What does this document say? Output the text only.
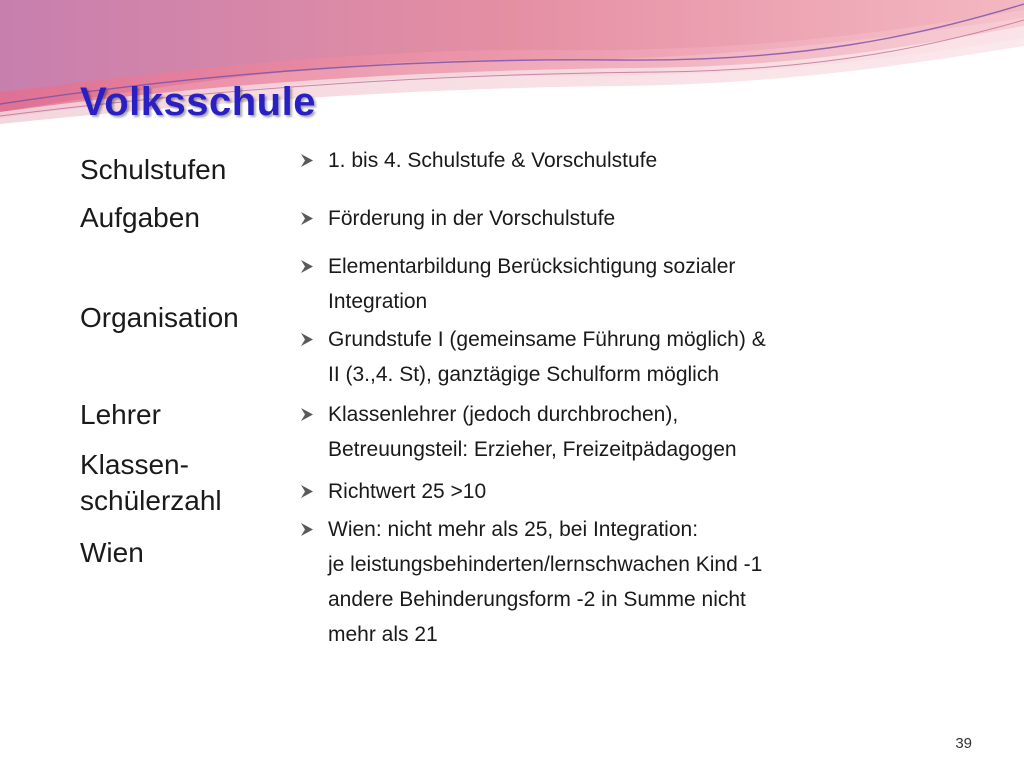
Volksschule
Schulstufen
Aufgaben
Organisation
Lehrer
Klassen-
schülerzahl
Wien
1. bis 4. Schulstufe & Vorschulstufe
Förderung in der Vorschulstufe
Elementarbildung Berücksichtigung sozialer
Integration
Grundstufe I (gemeinsame Führung möglich) &
II (3.,4. St), ganztägige Schulform möglich
Klassenlehrer (jedoch durchbrochen),
Betreuungsteil: Erzieher, Freizeitpädagogen
Richtwert 25 >10
Wien: nicht mehr als 25, bei Integration:
je leistungsbehinderten/lernschwachen Kind -1
andere Behinderungsform -2 in Summe nicht
mehr als 21
39
